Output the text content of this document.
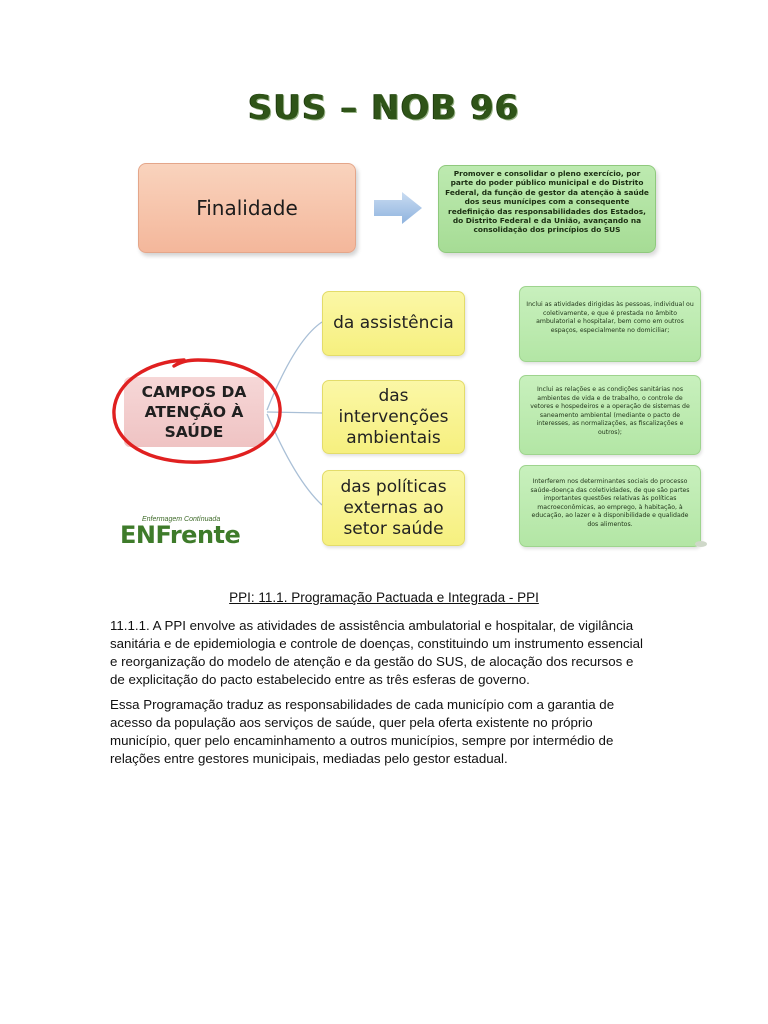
SUS – NOB 96
Finalidade
Promover e consolidar o pleno exercício, por parte do poder público municipal e do Distrito Federal, da função de gestor da atenção à saúde dos seus munícipes com a consequente redefinição das responsabilidades dos Estados, do Distrito Federal e da União, avançando na consolidação dos princípios do SUS
CAMPOS DA ATENÇÃO À SAÚDE
da assistência
das intervenções ambientais
das políticas externas ao setor saúde
Inclui as atividades dirigidas às pessoas, individual ou coletivamente, e que é prestada no âmbito ambulatorial e hospitalar, bem como em outros espaços, especialmente no domiciliar;
Inclui as relações e as condições sanitárias nos ambientes de vida e de trabalho, o controle de vetores e hospedeiros e a operação de sistemas de saneamento ambiental (mediante o pacto de interesses, as normalizações, as fiscalizações e outros);
Interferem nos determinantes sociais do processo saúde-doença das coletividades, de que são partes importantes questões relativas às políticas macroeconômicas, ao emprego, à habitação, à educação, ao lazer e à disponibilidade e qualidade dos alimentos.
Enfermagem Contínuada
ENFrente
PPI: 11.1. Programação Pactuada e Integrada - PPI
11.1.1. A PPI envolve as atividades de assistência ambulatorial e hospitalar, de vigilância sanitária e de epidemiologia e controle de doenças, constituindo um instrumento essencial e reorganização do modelo de atenção e da gestão do SUS, de alocação dos recursos e de explicitação do pacto estabelecido entre as três esferas de governo.
Essa Programação traduz as responsabilidades de cada município com a garantia de acesso da população aos serviços de saúde, quer pela oferta existente no próprio município, quer pelo encaminhamento a outros municípios, sempre por intermédio de relações entre gestores municipais, mediadas pelo gestor estadual.
